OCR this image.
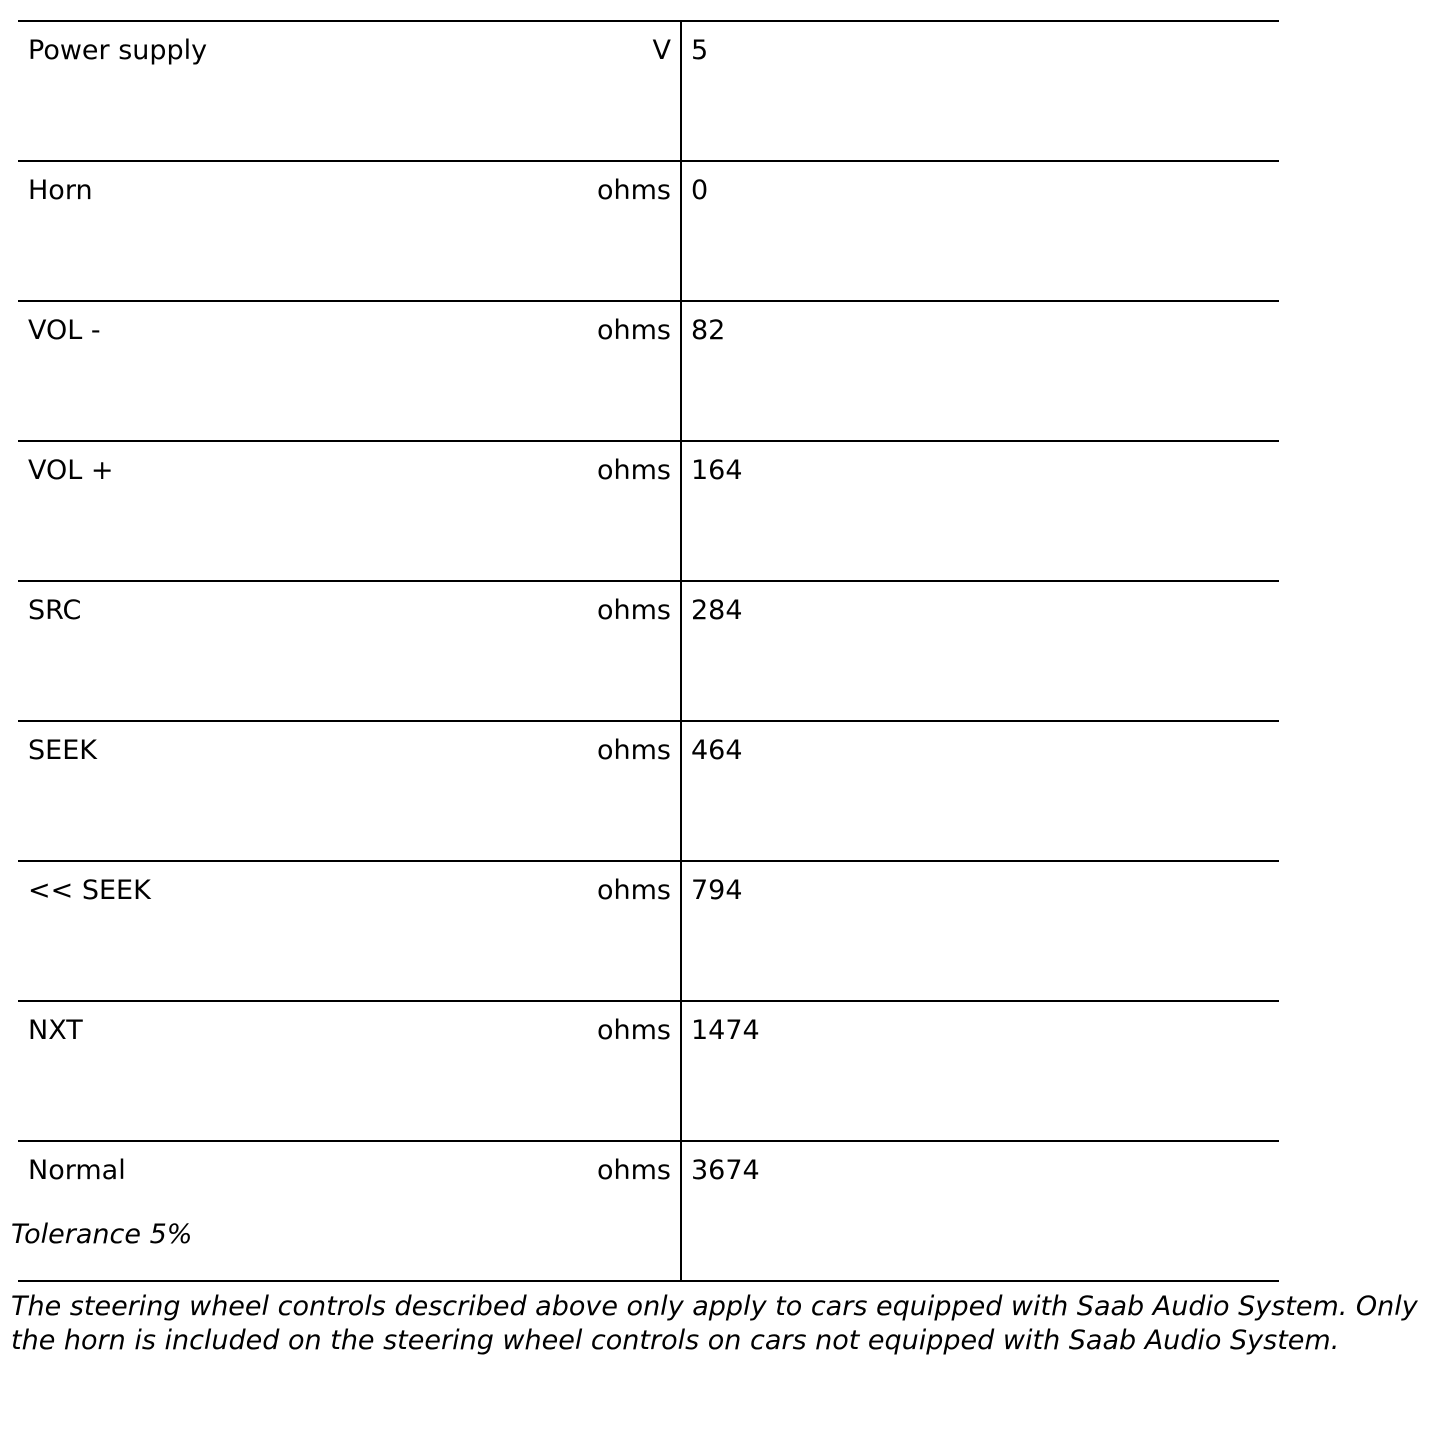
Power supply V	5

Horn ohms	0

VOL - ohms	82

VOL + ohms	164

SRC ohms	284

SEEK ohms	464

<< SEEK ohms	794

NXT ohms	1474

Normal ohms	3674

Tolerance 5%

The steering wheel controls described above only apply to cars equipped with Saab Audio System. Only the horn is included on the steering wheel controls on cars not equipped with Saab Audio System.
